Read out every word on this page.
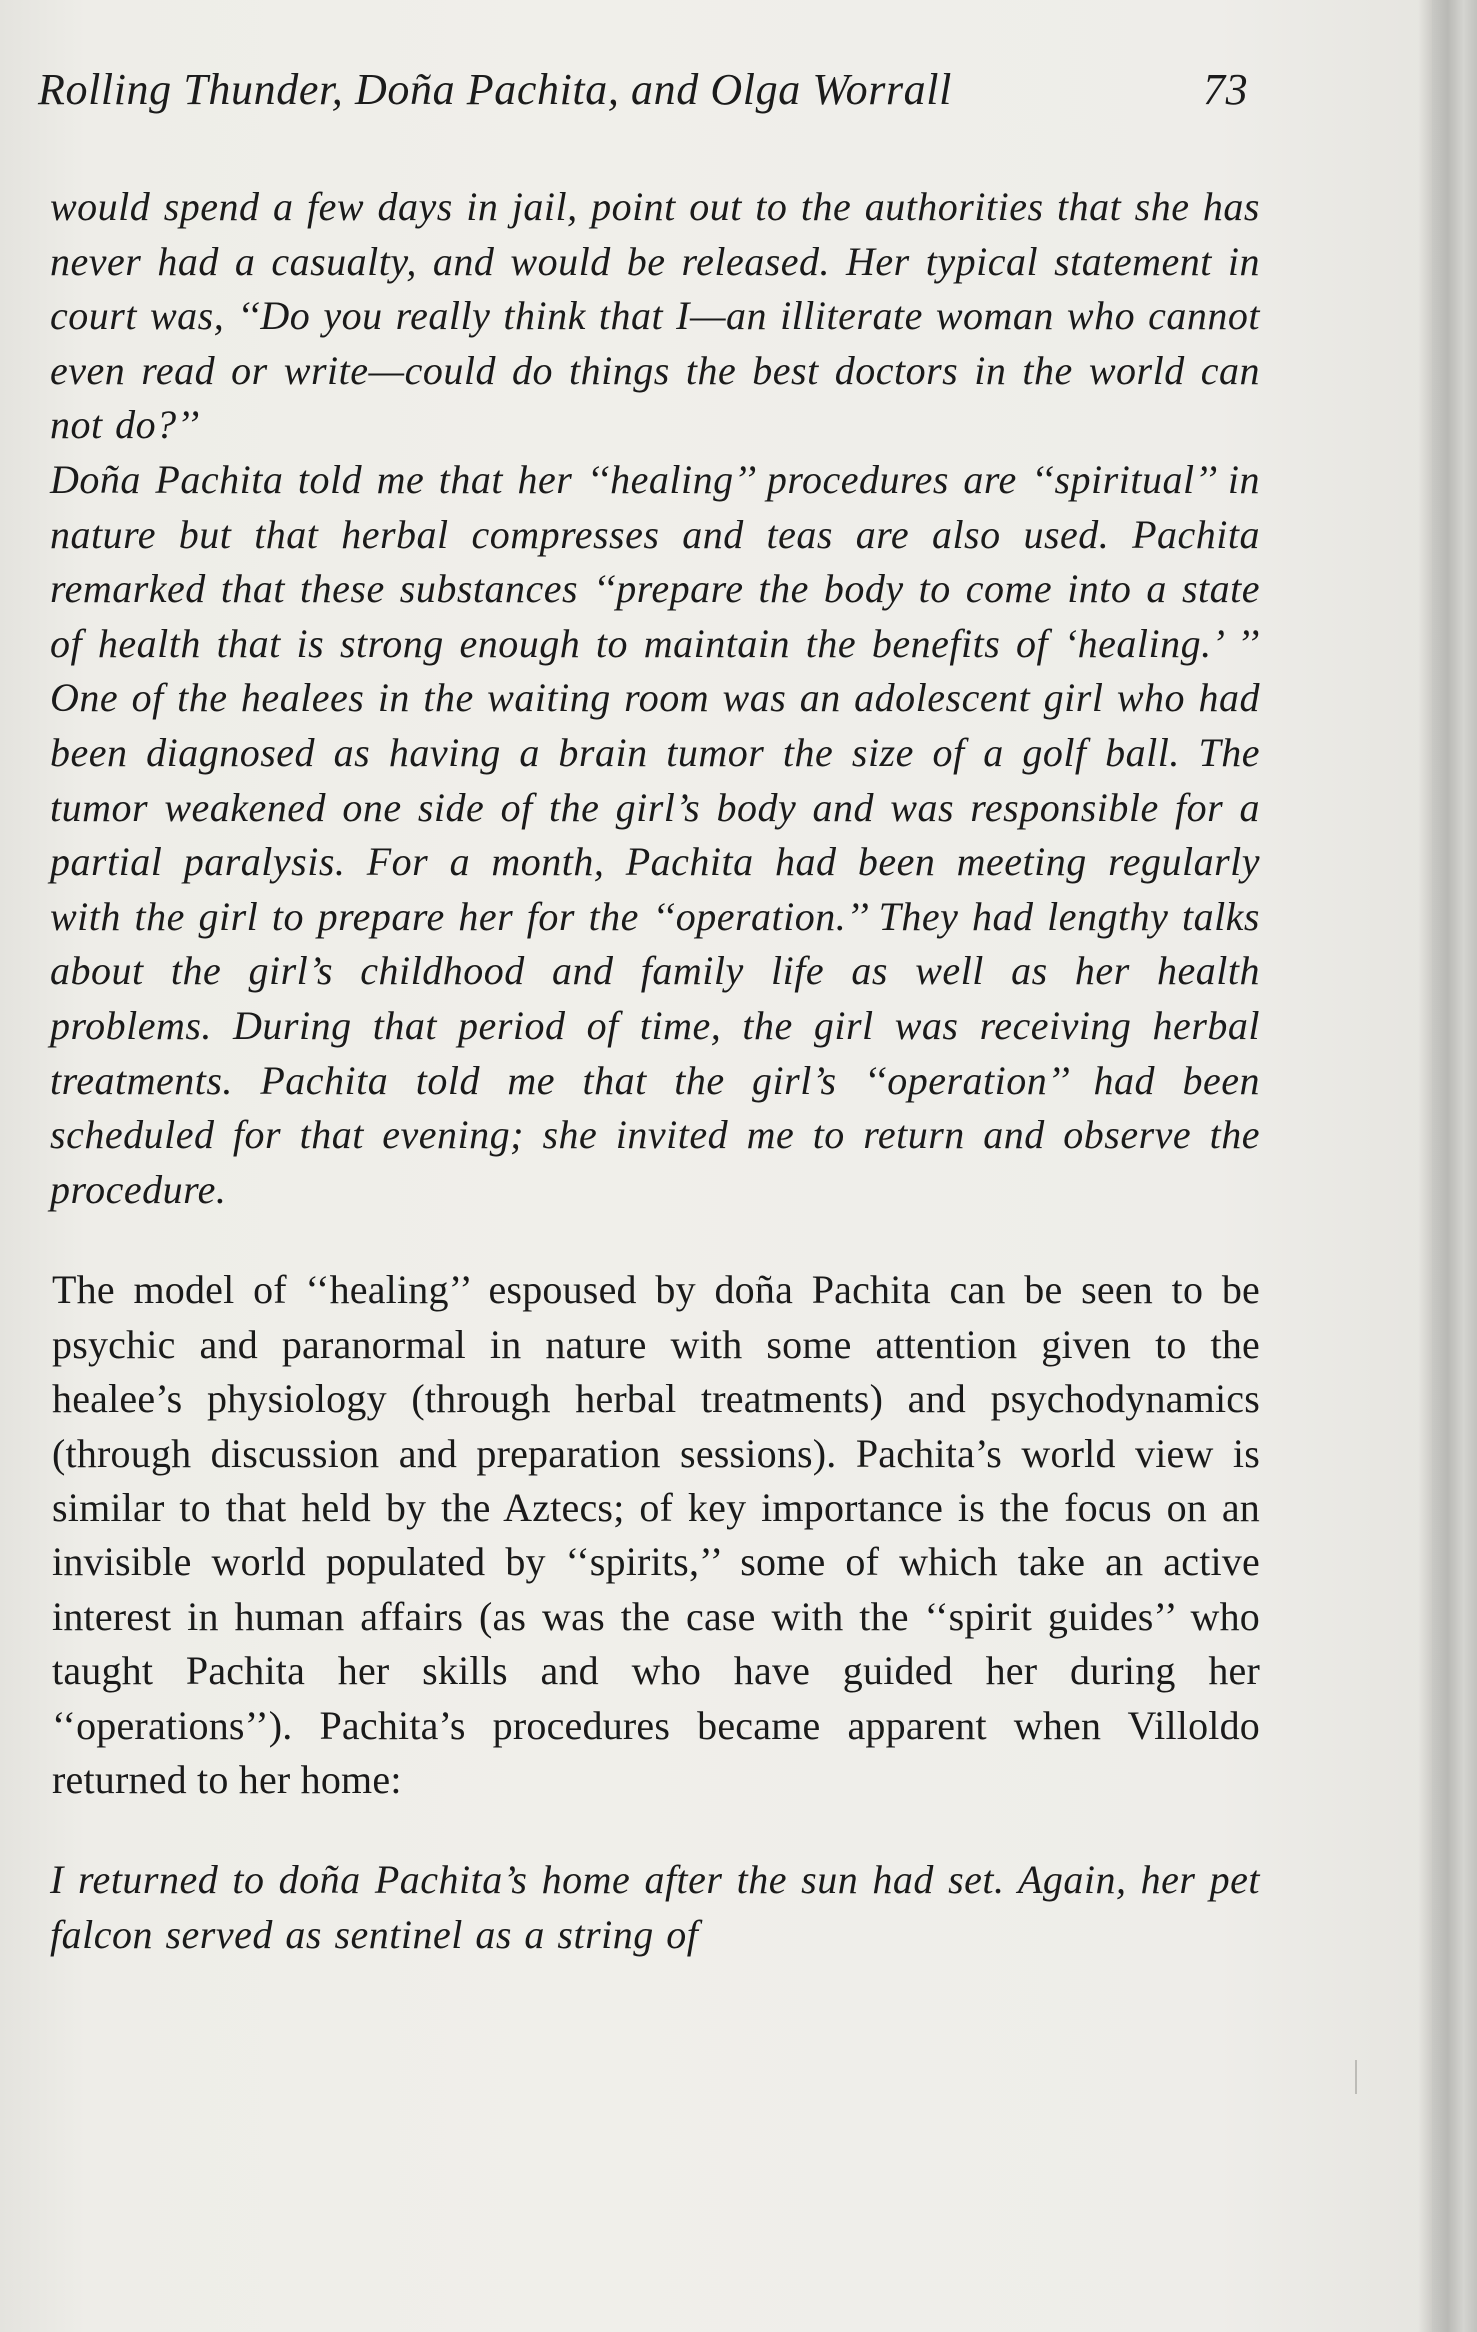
Rolling Thunder, Doña Pachita, and Olga Worrall	73

would spend a few days in jail, point out to the authorities that she has never had a casualty, and would be released. Her typical statement in court was, ‘‘Do you really think that I—an illiterate woman who cannot even read or write—could do things the best doctors in the world can not do?’’

Doña Pachita told me that her ‘‘healing’’ procedures are ‘‘spiritual’’ in nature but that herbal compresses and teas are also used. Pachita remarked that these substances ‘‘prepare the body to come into a state of health that is strong enough to maintain the benefits of ‘healing.’ ’’ One of the healees in the waiting room was an adolescent girl who had been diagnosed as having a brain tumor the size of a golf ball. The tumor weakened one side of the girl’s body and was responsible for a partial paralysis. For a month, Pachita had been meeting regularly with the girl to prepare her for the ‘‘operation.’’ They had lengthy talks about the girl’s childhood and family life as well as her health problems. During that period of time, the girl was receiving herbal treatments. Pachita told me that the girl’s ‘‘operation’’ had been scheduled for that evening; she invited me to return and observe the procedure.

The model of ‘‘healing’’ espoused by doña Pachita can be seen to be psychic and paranormal in nature with some attention given to the healee’s physiology (through herbal treatments) and psychodynamics (through discussion and preparation sessions). Pachita’s world view is similar to that held by the Aztecs; of key importance is the focus on an invisible world populated by ‘‘spirits,’’ some of which take an active interest in human affairs (as was the case with the ‘‘spirit guides’’ who taught Pachita her skills and who have guided her during her ‘‘operations’’). Pachita’s procedures became apparent when Villoldo returned to her home:

I returned to doña Pachita’s home after the sun had set. Again, her pet falcon served as sentinel as a string of
